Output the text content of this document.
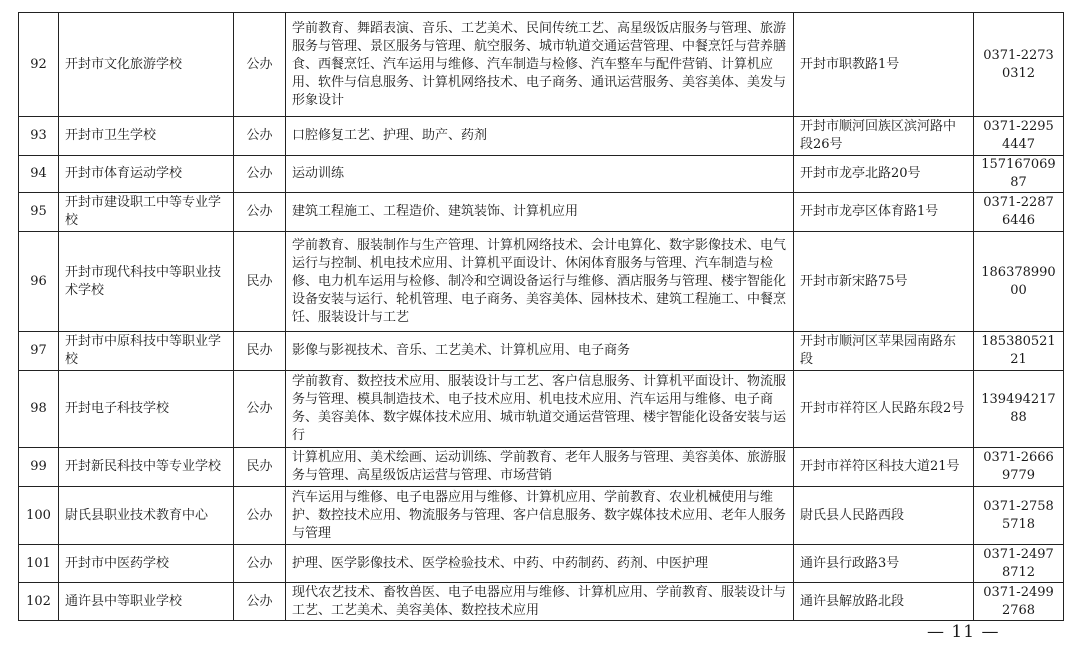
92	开封市文化旅游学校	公办	学前教育、舞蹈表演、音乐、工艺美术、民间传统工艺、高星级饭店服务与管理、旅游服务与管理、景区服务与管理、航空服务、城市轨道交通运营管理、中餐烹饪与营养膳食、西餐烹饪、汽车运用与维修、汽车制造与检修、汽车整车与配件营销、计算机应用、软件与信息服务、计算机网络技术、电子商务、通讯运营服务、美容美体、美发与形象设计	开封市职教路1号	0371-22730312
93	开封市卫生学校	公办	口腔修复工艺、护理、助产、药剂	开封市顺河回族区滨河路中段26号	0371-22954447
94	开封市体育运动学校	公办	运动训练	开封市龙亭北路20号	15716706987
95	开封市建设职工中等专业学校	公办	建筑工程施工、工程造价、建筑装饰、计算机应用	开封市龙亭区体育路1号	0371-22876446
96	开封市现代科技中等职业技术学校	民办	学前教育、服装制作与生产管理、计算机网络技术、会计电算化、数字影像技术、电气运行与控制、机电技术应用、计算机平面设计、休闲体育服务与管理、汽车制造与检修、电力机车运用与检修、制冷和空调设备运行与维修、酒店服务与管理、楼宇智能化设备安装与运行、轮机管理、电子商务、美容美体、园林技术、建筑工程施工、中餐烹饪、服装设计与工艺	开封市新宋路75号	18637899000
97	开封市中原科技中等职业学校	民办	影像与影视技术、音乐、工艺美术、计算机应用、电子商务	开封市顺河区苹果园南路东段	18538052121
98	开封电子科技学校	公办	学前教育、数控技术应用、服装设计与工艺、客户信息服务、计算机平面设计、物流服务与管理、模具制造技术、电子技术应用、机电技术应用、汽车运用与维修、电子商务、美容美体、数字媒体技术应用、城市轨道交通运营管理、楼宇智能化设备安装与运行	开封市祥符区人民路东段2号	13949421788
99	开封新民科技中等专业学校	民办	计算机应用、美术绘画、运动训练、学前教育、老年人服务与管理、美容美体、旅游服务与管理、高星级饭店运营与管理、市场营销	开封市祥符区科技大道21号	0371-26669779
100	尉氏县职业技术教育中心	公办	汽车运用与维修、电子电器应用与维修、计算机应用、学前教育、农业机械使用与维护、数控技术应用、物流服务与管理、客户信息服务、数字媒体技术应用、老年人服务与管理	尉氏县人民路西段	0371-27585718
101	开封市中医药学校	公办	护理、医学影像技术、医学检验技术、中药、中药制药、药剂、中医护理	通许县行政路3号	0371-24978712
102	通许县中等职业学校	公办	现代农艺技术、畜牧兽医、电子电器应用与维修、计算机应用、学前教育、服装设计与工艺、工艺美术、美容美体、数控技术应用	通许县解放路北段	0371-24992768
— 11 —
